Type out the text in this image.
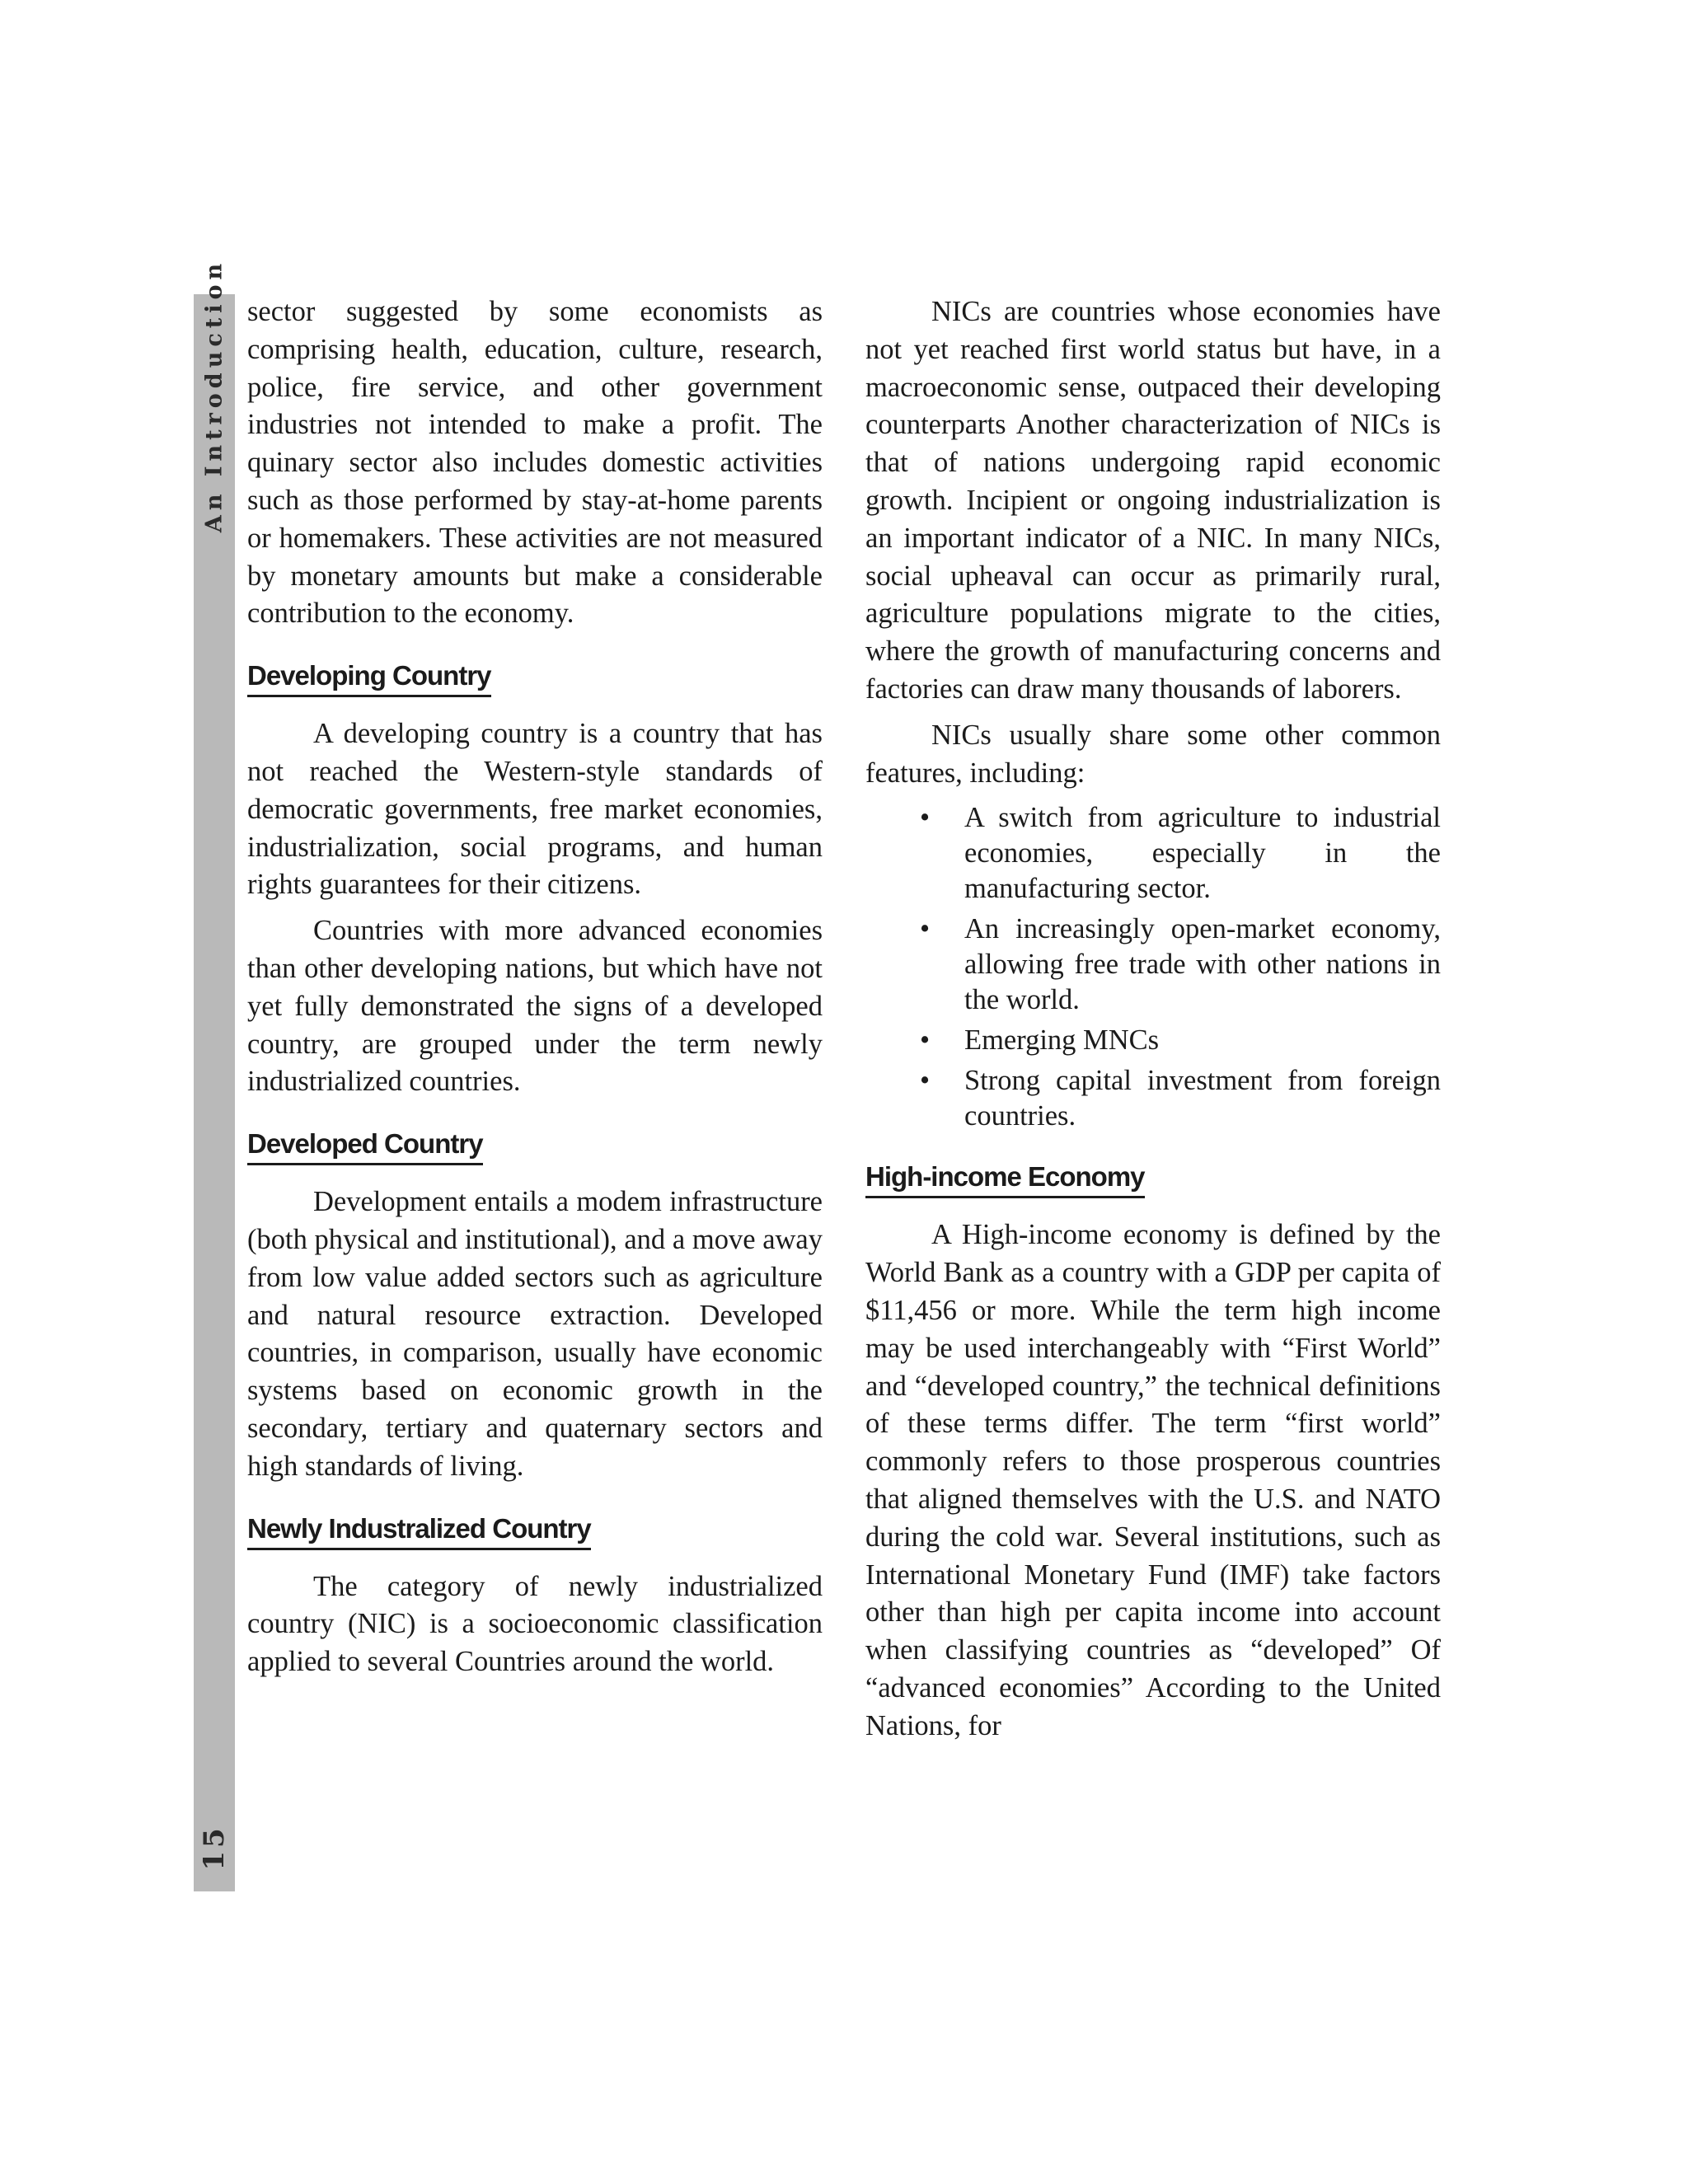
An Introduction
15

sector suggested by some economists as comprising health, education, culture, research, police, fire service, and other government industries not intended to make a profit. The quinary sector also includes domestic activities such as those performed by stay-at-home parents or homemakers. These activities are not measured by monetary amounts but make a considerable contribution to the economy.

Developing Country

A developing country is a country that has not reached the Western-style standards of democratic governments, free market economies, industrialization, social programs, and human rights guarantees for their citizens.

Countries with more advanced economies than other developing nations, but which have not yet fully demonstrated the signs of a developed country, are grouped under the term newly industrialized countries.

Developed Country

Development entails a modem infrastructure (both physical and institutional), and a move away from low value added sectors such as agriculture and natural resource extraction. Developed countries, in comparison, usually have economic systems based on economic growth in the secondary, tertiary and quaternary sectors and high standards of living.

Newly Industralized Country

The category of newly industrialized country (NIC) is a socioeconomic classification applied to several Countries around the world.

NICs are countries whose economies have not yet reached first world status but have, in a macroeconomic sense, outpaced their developing counterparts Another characterization of NICs is that of nations undergoing rapid economic growth. Incipient or ongoing industrialization is an important indicator of a NIC. In many NICs, social upheaval can occur as primarily rural, agriculture populations migrate to the cities, where the growth of manufacturing concerns and factories can draw many thousands of laborers.

NICs usually share some other common features, including:

• A switch from agriculture to industrial economies, especially in the manufacturing sector.
• An increasingly open-market economy, allowing free trade with other nations in the world.
• Emerging MNCs
• Strong capital investment from foreign countries.
High-income Economy

A High-income economy is defined by the World Bank as a country with a GDP per capita of $11,456 or more. While the term high income may be used interchangeably with “First World” and “developed country,” the technical definitions of these terms differ. The term “first world” commonly refers to those prosperous countries that aligned themselves with the U.S. and NATO during the cold war. Several institutions, such as International Monetary Fund (IMF) take factors other than high per capita income into account when classifying countries as “developed” Of “advanced economies” According to the United Nations, for
